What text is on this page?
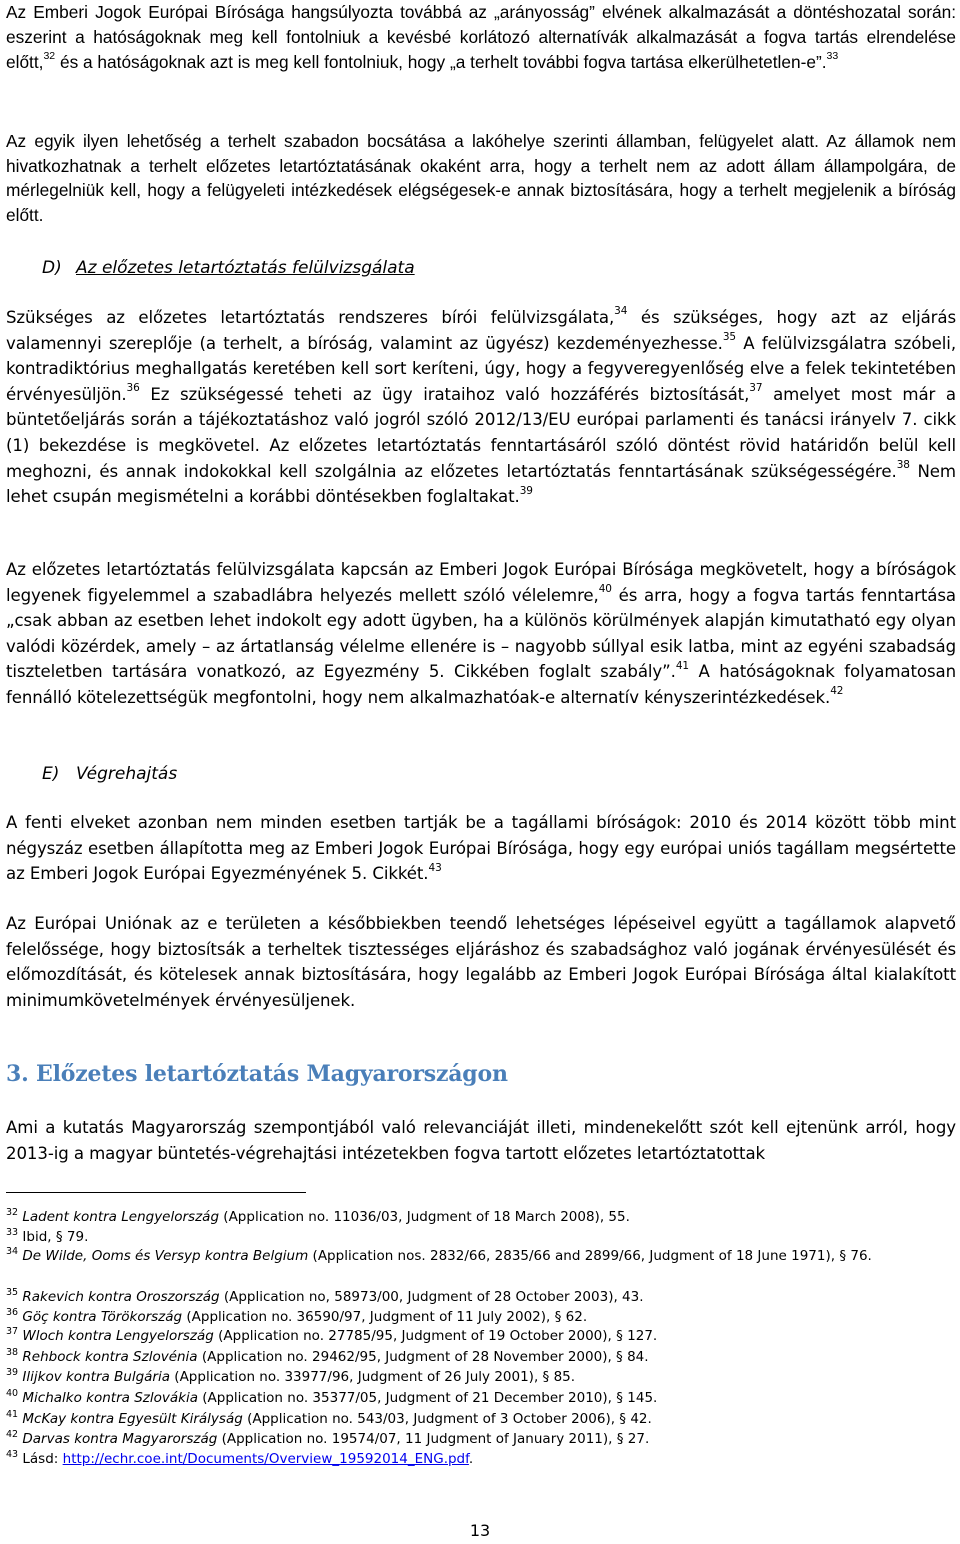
Az Emberi Jogok Európai Bírósága hangsúlyozta továbbá az „arányosság” elvének alkalmazását a döntéshozatal során: eszerint a hatóságoknak meg kell fontolniuk a kevésbé korlátozó alternatívák alkalmazását a fogva tartás elrendelése előtt,$^{32}$ és a hatóságoknak azt is meg kell fontolniuk, hogy „a terhelt további fogva tartása elkerülhetetlen-e”.$^{33}$

Az egyik ilyen lehetőség a terhelt szabadon bocsátása a lakóhelye szerinti államban, felügyelet alatt. Az államok nem hivatkozhatnak a terhelt előzetes letartóztatásának okaként arra, hogy a terhelt nem az adott állam állampolgára, de mérlegelniük kell, hogy a felügyeleti intézkedések elégségesek-e annak biztosítására, hogy a terhelt megjelenik a bíróság előtt.

D) Az előzetes letartóztatás felülvizsgálata

Szükséges az előzetes letartóztatás rendszeres bírói felülvizsgálata,$^{34}$ és szükséges, hogy azt az eljárás valamennyi szereplője (a terhelt, a bíróság, valamint az ügyész) kezdeményezhesse.$^{35}$ A felülvizsgálatra szóbeli, kontradiktórius meghallgatás keretében kell sort keríteni, úgy, hogy a fegyveregyenlőség elve a felek tekintetében érvényesüljön.$^{36}$ Ez szükségessé teheti az ügy irataihoz való hozzáférés biztosítását,$^{37}$ amelyet most már a büntetőeljárás során a tájékoztatáshoz való jogról szóló 2012/13/EU európai parlamenti és tanácsi irányelv 7. cikk (1) bekezdése is megkövetel. Az előzetes letartóztatás fenntartásáról szóló döntést rövid határidőn belül kell meghozni, és annak indokokkal kell szolgálnia az előzetes letartóztatás fenntartásának szükségességére.$^{38}$ Nem lehet csupán megismételni a korábbi döntésekben foglaltakat.$^{39}$

Az előzetes letartóztatás felülvizsgálata kapcsán az Emberi Jogok Európai Bírósága megkövetelt, hogy a bíróságok legyenek figyelemmel a szabadlábra helyezés mellett szóló vélelemre,$^{40}$ és arra, hogy a fogva tartás fenntartása „csak abban az esetben lehet indokolt egy adott ügyben, ha a különös körülmények alapján kimutatható egy olyan valódi közérdek, amely – az ártatlanság vélelme ellenére is – nagyobb súllyal esik latba, mint az egyéni szabadság tiszteletben tartására vonatkozó, az Egyezmény 5. Cikkében foglalt szabály”.$^{41}$ A hatóságoknak folyamatosan fennálló kötelezettségük megfontolni, hogy nem alkalmazhatóak-e alternatív kényszerintézkedések.$^{42}$

E) Végrehajtás

A fenti elveket azonban nem minden esetben tartják be a tagállami bíróságok: 2010 és 2014 között több mint négyszáz esetben állapította meg az Emberi Jogok Európai Bírósága, hogy egy európai uniós tagállam megsértette az Emberi Jogok Európai Egyezményének 5. Cikkét.$^{43}$

Az Európai Uniónak az e területen a későbbiekben teendő lehetséges lépéseivel együtt a tagállamok alapvető felelőssége, hogy biztosítsák a terheltek tisztességes eljáráshoz és szabadsághoz való jogának érvényesülését és előmozdítását, és kötelesek annak biztosítására, hogy legalább az Emberi Jogok Európai Bírósága által kialakított minimumkövetelmények érvényesüljenek.

3. Előzetes letartóztatás Magyarországon

Ami a kutatás Magyarország szempontjából való relevanciáját illeti, mindenekelőtt szót kell ejtenünk arról, hogy 2013-ig a magyar büntetés-végrehajtási intézetekben fogva tartott előzetes letartóztatottak

$^{32}$ Ladent kontra Lengyelország (Application no. 11036/03, Judgment of 18 March 2008), 55.

$^{33}$ Ibid, § 79.

$^{34}$ De Wilde, Ooms és Versyp kontra Belgium (Application nos. 2832/66, 2835/66 and 2899/66, Judgment of 18 June 1971), § 76.

$^{35}$ Rakevich kontra Oroszország (Application no, 58973/00, Judgment of 28 October 2003), 43.

$^{36}$ Göç kontra Törökország (Application no. 36590/97, Judgment of 11 July 2002), § 62.

$^{37}$ Wloch kontra Lengyelország (Application no. 27785/95, Judgment of 19 October 2000), § 127.

$^{38}$ Rehbock kontra Szlovénia (Application no. 29462/95, Judgment of 28 November 2000), § 84.

$^{39}$ Ilijkov kontra Bulgária (Application no. 33977/96, Judgment of 26 July 2001), § 85.

$^{40}$ Michalko kontra Szlovákia (Application no. 35377/05, Judgment of 21 December 2010), § 145.

$^{41}$ McKay kontra Egyesült Királyság (Application no. 543/03, Judgment of 3 October 2006), § 42.

$^{42}$ Darvas kontra Magyarország (Application no. 19574/07, 11 Judgment of January 2011), § 27.

$^{43}$ Lásd: http://echr.coe.int/Documents/Overview_19592014_ENG.pdf.

13
